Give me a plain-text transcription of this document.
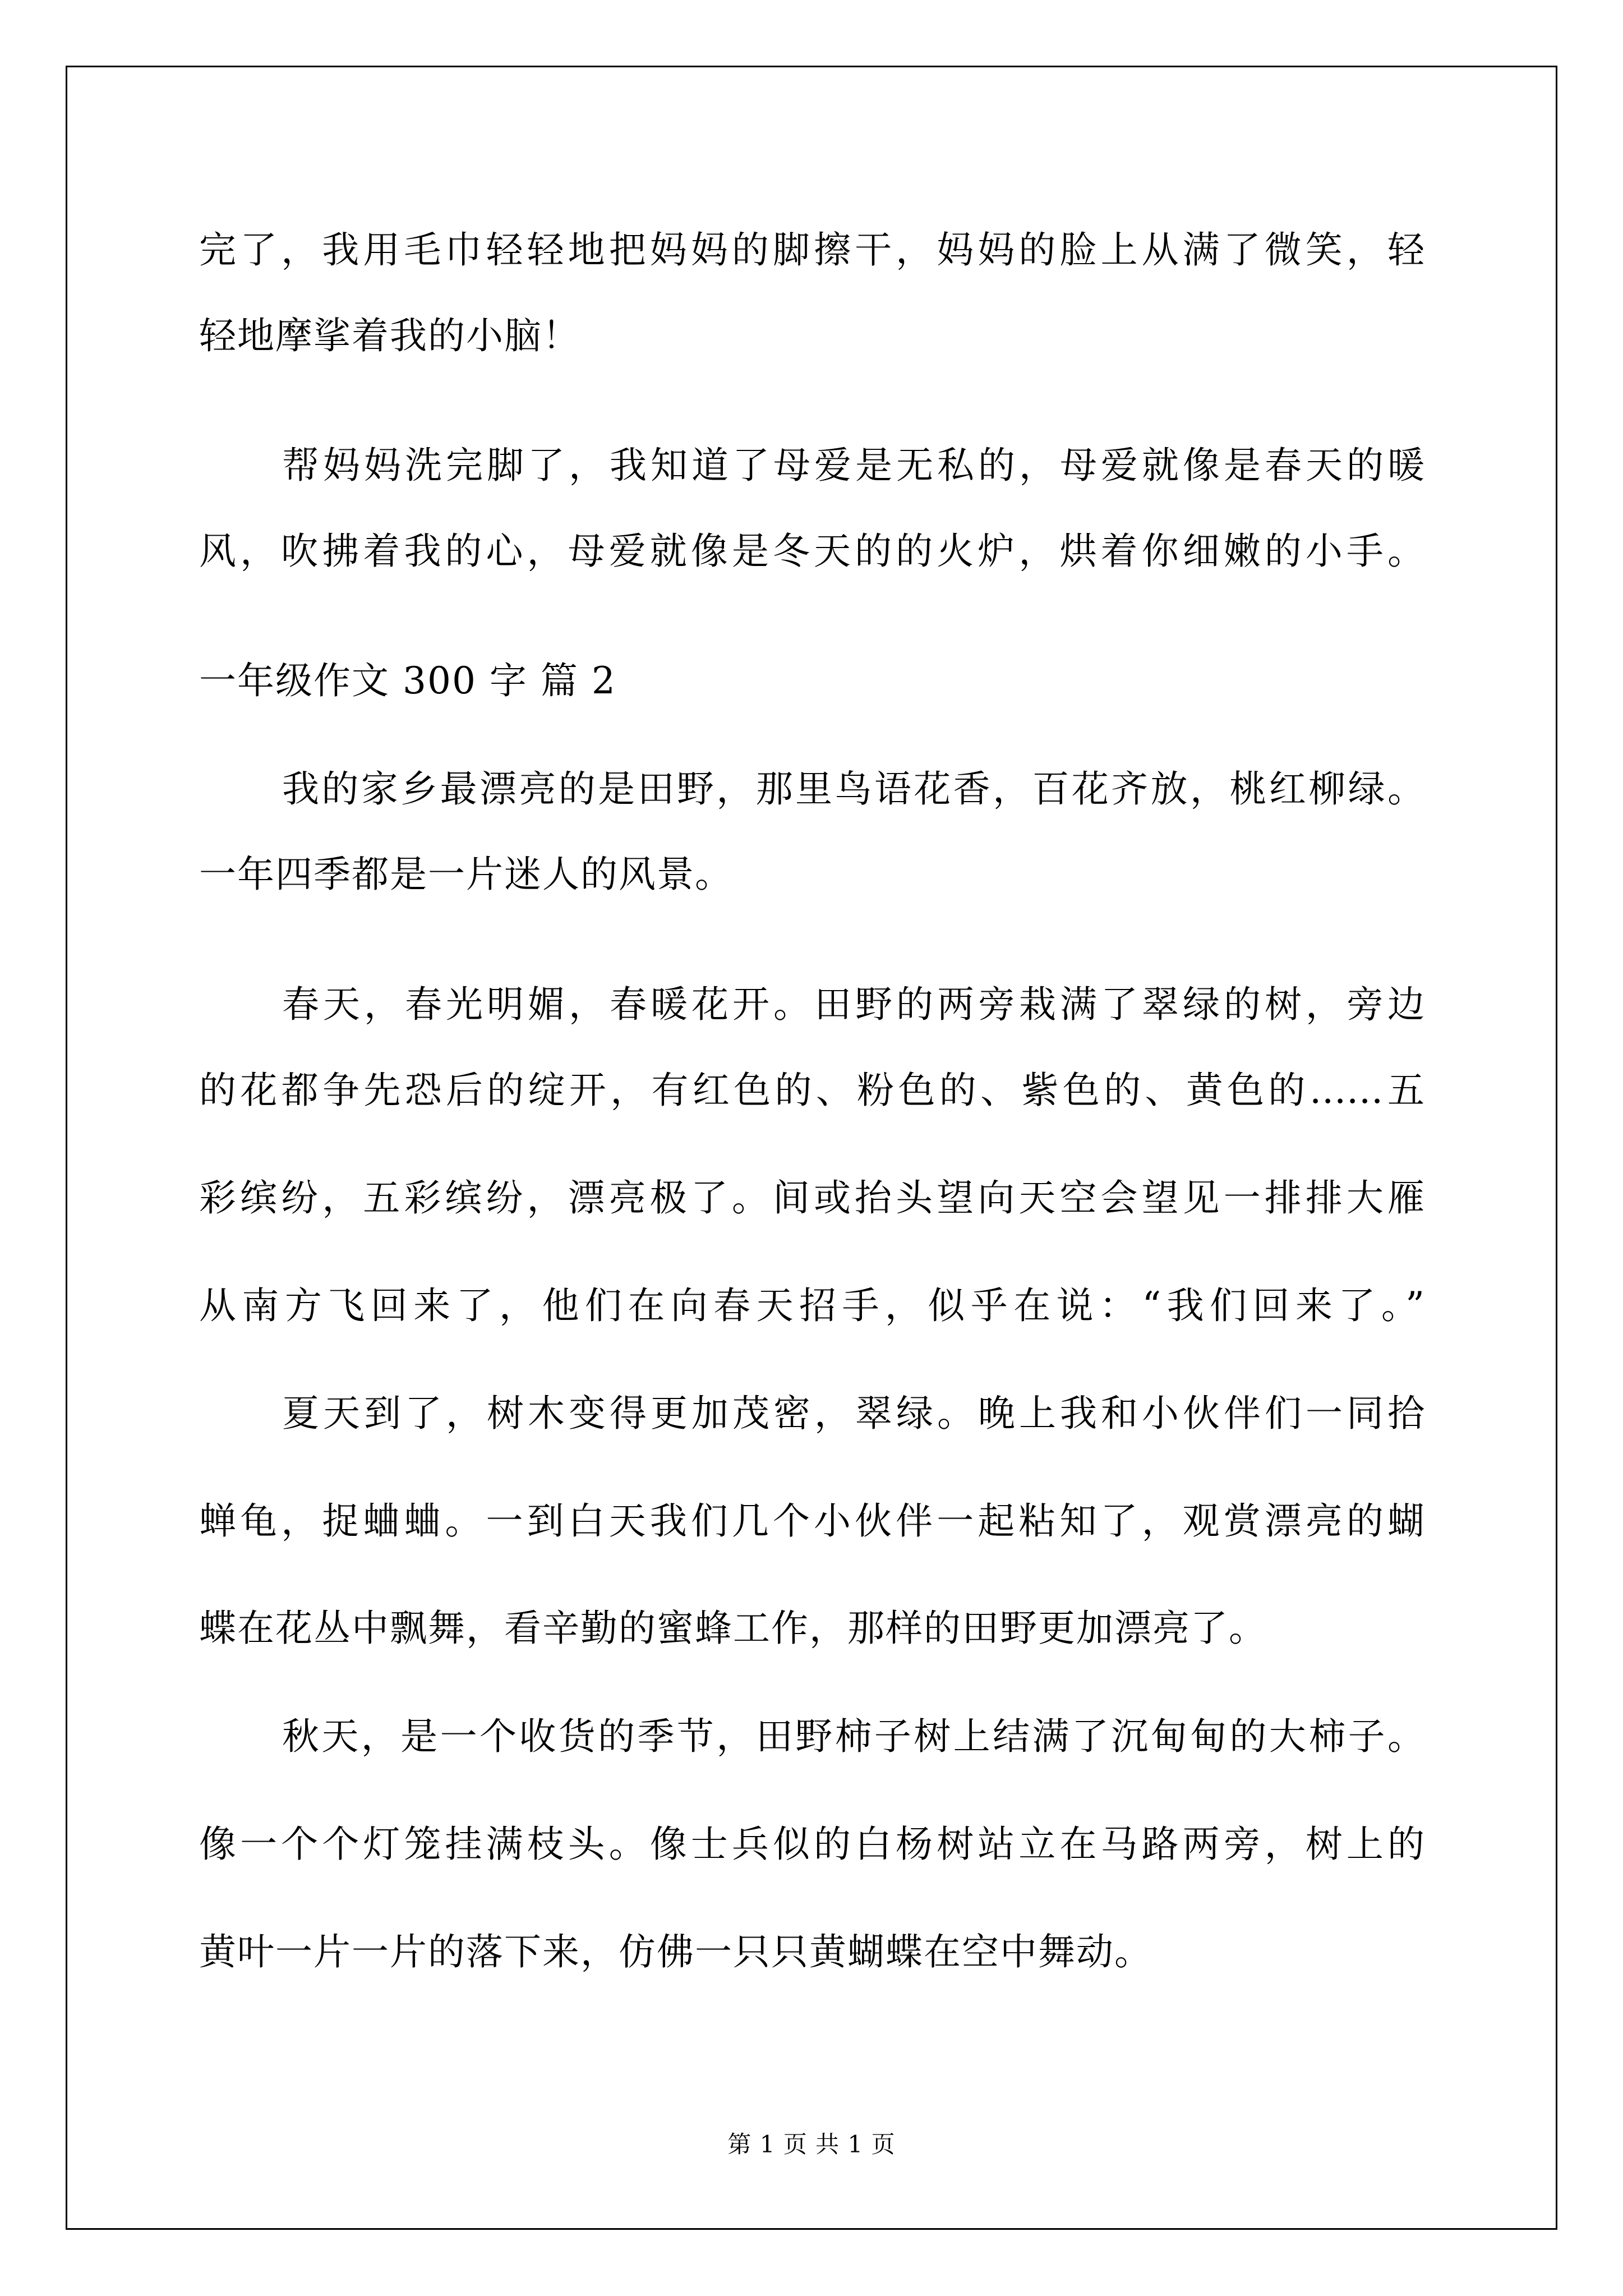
完了，我用毛巾轻轻地把妈妈的脚擦干，妈妈的脸上从满了微笑，轻
轻地摩挲着我的小脑！
帮妈妈洗完脚了，我知道了母爱是无私的，母爱就像是春天的暖
风，吹拂着我的心，母爱就像是冬天的的火炉，烘着你细嫩的小手。
一年级作文 300 字 篇 2
我的家乡最漂亮的是田野，那里鸟语花香，百花齐放，桃红柳绿。
一年四季都是一片迷人的风景。
春天，春光明媚，春暖花开。田野的两旁栽满了翠绿的树，旁边
的花都争先恐后的绽开，有红色的、粉色的、紫色的、黄色的……五
彩缤纷，五彩缤纷，漂亮极了。间或抬头望向天空会望见一排排大雁
从南方飞回来了，他们在向春天招手，似乎在说：“我们回来了。”
夏天到了，树木变得更加茂密，翠绿。晚上我和小伙伴们一同拾
蝉龟，捉蛐蛐。一到白天我们几个小伙伴一起粘知了，观赏漂亮的蝴
蝶在花丛中飘舞，看辛勤的蜜蜂工作，那样的田野更加漂亮了。
秋天，是一个收货的季节，田野柿子树上结满了沉甸甸的大柿子。
像一个个灯笼挂满枝头。像士兵似的白杨树站立在马路两旁，树上的
黄叶一片一片的落下来，仿佛一只只黄蝴蝶在空中舞动。
第 1 页 共 1 页
